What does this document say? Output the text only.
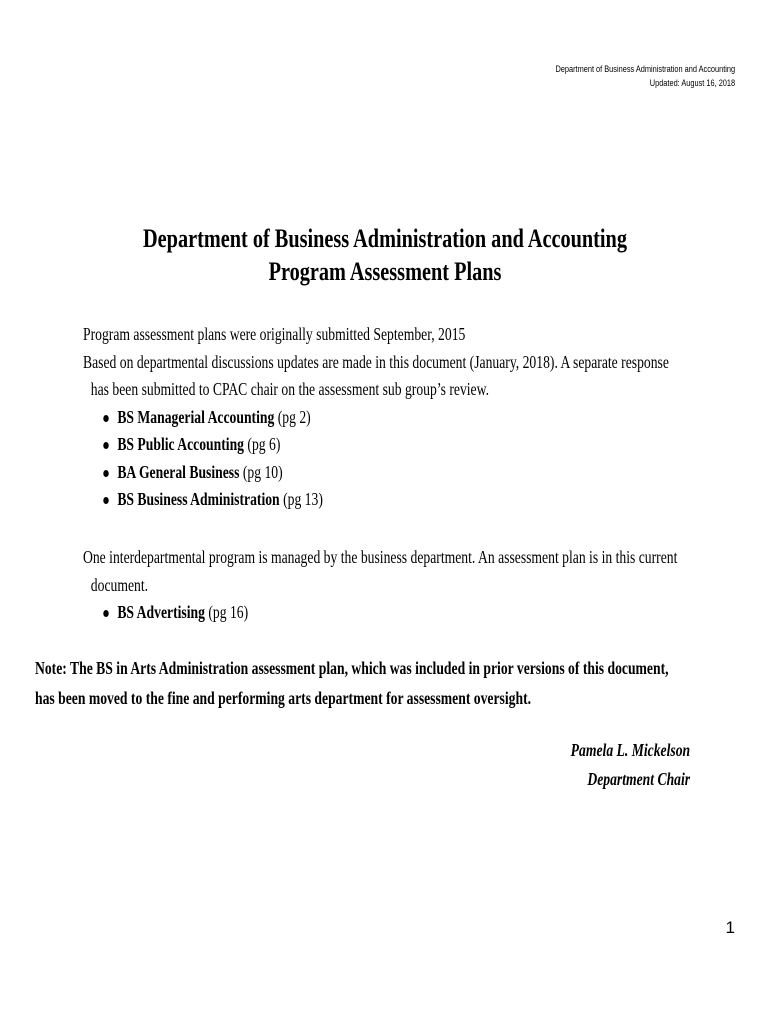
Department of Business Administration and Accounting
Updated: August 16, 2018
Department of Business Administration and Accounting
Program Assessment Plans
Program assessment plans were originally submitted September, 2015
Based on departmental discussions updates are made in this document (January, 2018). A separate response
has been submitted to CPAC chair on the assessment sub group’s review.
BS Managerial Accounting (pg 2)
BS Public Accounting (pg 6)
BA General Business (pg 10)
BS Business Administration (pg 13)
One interdepartmental program is managed by the business department. An assessment plan is in this current
document.
BS Advertising (pg 16)
Note: The BS in Arts Administration assessment plan, which was included in prior versions of this document,
has been moved to the fine and performing arts department for assessment oversight.
Pamela L. Mickelson
Department Chair
1
